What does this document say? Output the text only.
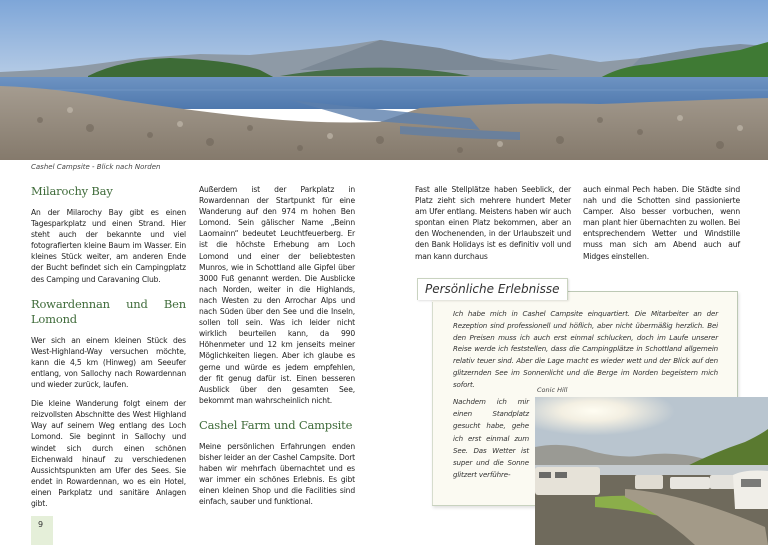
Cashel Campsite - Blick nach Norden
Milarochy Bay

An der Milarochy Bay gibt es einen Tagesparkplatz und einen Strand. Hier steht auch der bekannte und viel fotografierten kleine Baum im Wasser. Ein kleines Stück weiter, am anderen Ende der Bucht befindet sich ein Campingplatz des Camping und Caravaning Club.

Rowardennan und Ben Lomond

Wer sich an einem kleinen Stück des West-Highland-Way versuchen möchte, kann die 4,5 km (Hinweg) am Seeufer entlang, von Sallochy nach Rowardennan und wieder zurück, laufen.

Die kleine Wanderung folgt einem der reizvollsten Abschnitte des West Highland Way auf seinem Weg entlang des Loch Lomond. Sie beginnt in Sallochy und windet sich durch einen schönen Eichenwald hinauf zu verschiedenen Aussichtspunkten am Ufer des Sees. Sie endet in Rowardennan, wo es ein Hotel, einen Parkplatz und sanitäre Anlagen gibt.

Außerdem ist der Parkplatz in Rowardennan der Startpunkt für eine Wanderung auf den 974 m hohen Ben Lomond. Sein gälischer Name „Beinn Laomainn“ bedeutet Leuchtfeuerberg. Er ist die höchste Erhebung am Loch Lomond und einer der beliebtesten Munros, wie in Schottland alle Gipfel über 3000 Fuß genannt werden. Die Ausblicke nach Norden, weiter in die Highlands, nach Westen zu den Arrochar Alps und nach Süden über den See und die Inseln, sollen toll sein. Was ich leider nicht wirklich beurteilen kann, da 990 Höhenmeter und 12 km jenseits meiner Möglichkeiten liegen. Aber ich glaube es gerne und würde es jedem empfehlen, der fit genug dafür ist. Einen besseren Ausblick über den gesamten See, bekommt man wahrscheinlich nicht.

Cashel Farm und Campsite

Meine persönlichen Erfahrungen enden bisher leider an der Cashel Campsite. Dort haben wir mehrfach übernachtet und es war immer ein schönes Erlebnis. Es gibt einen kleinen Shop und die Facilities sind einfach, sauber und funktional.

Fast alle Stellplätze haben Seeblick, der Platz zieht sich mehrere hundert Meter am Ufer entlang. Meistens haben wir auch spontan einen Platz bekommen, aber an den Wochenenden, in der Urlaubszeit und den Bank Holidays ist es definitiv voll und man kann durchaus

auch einmal Pech haben. Die Städte sind nah und die Schotten sind passionierte Camper. Also besser vorbuchen, wenn man plant hier übernachten zu wollen. Bei entsprechendem Wetter und Windstille muss man sich am Abend auch auf Midges einstellen.

Persönliche Erlebnisse
Ich habe mich in Cashel Campsite einquartiert. Die Mitarbeiter an der Rezeption sind professionell und höflich, aber nicht übermäßig herzlich. Bei den Preisen muss ich auch erst einmal schlucken, doch im Laufe unserer Reise werde ich feststellen, dass die Campingplätze in Schottland allgemein relativ teuer sind. Aber die Lage macht es wieder wett und der Blick auf den glitzernden See im Sonnenlicht und die Berge im Norden begeistern mich sofort.
Nachdem ich mir einen Standplatz gesucht habe, gehe ich erst einmal zum See. Das Wetter ist super und die Sonne glitzert verführe-
Conic Hill
9
